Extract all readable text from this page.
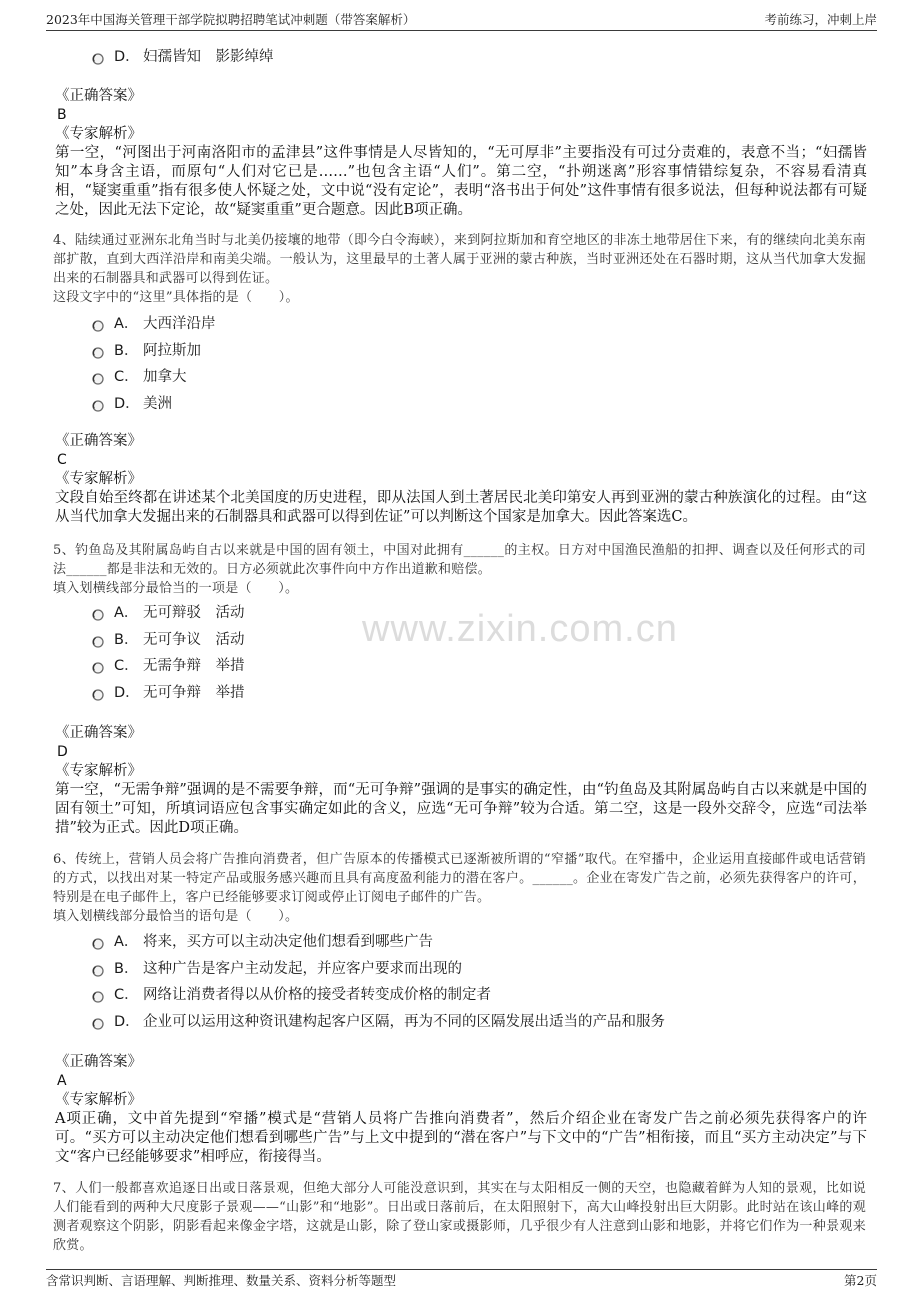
2023年中国海关管理干部学院拟聘招聘笔试冲刺题（带答案解析）	考前练习，冲刺上岸
www.zixin.com.cn
D． 妇孺皆知　影影绰绰
《正确答案》
B
《专家解析》
第一空，“河图出于河南洛阳市的孟津县”这件事情是人尽皆知的，“无可厚非”主要指没有可过分责难的，表意不当；“妇孺皆知”本身含主语，而原句“人们对它已是……”也包含主语“人们”。第二空，“扑朔迷离”形容事情错综复杂，不容易看清真相，“疑窦重重”指有很多使人怀疑之处，文中说“没有定论”，表明“洛书出于何处”这件事情有很多说法，但每种说法都有可疑之处，因此无法下定论，故“疑窦重重”更合题意。因此B项正确。
4、陆续通过亚洲东北角当时与北美仍接壤的地带（即今白令海峡），来到阿拉斯加和育空地区的非冻土地带居住下来，有的继续向北美东南部扩散，直到大西洋沿岸和南美尖端。一般认为，这里最早的土著人属于亚洲的蒙古种族，当时亚洲还处在石器时期，这从当代加拿大发掘出来的石制器具和武器可以得到佐证。
这段文字中的“这里”具体指的是（　　）。
A． 大西洋沿岸
B． 阿拉斯加
C． 加拿大
D． 美洲
《正确答案》
C
《专家解析》
文段自始至终都在讲述某个北美国度的历史进程，即从法国人到土著居民北美印第安人再到亚洲的蒙古种族演化的过程。由“这从当代加拿大发掘出来的石制器具和武器可以得到佐证”可以判断这个国家是加拿大。因此答案选C。
5、钓鱼岛及其附属岛屿自古以来就是中国的固有领土，中国对此拥有______的主权。日方对中国渔民渔船的扣押、调查以及任何形式的司法______都是非法和无效的。日方必须就此次事件向中方作出道歉和赔偿。
填入划横线部分最恰当的一项是（　　）。
A． 无可辩驳　活动
B． 无可争议　活动
C． 无需争辩　举措
D． 无可争辩　举措
《正确答案》
D
《专家解析》
第一空，“无需争辩”强调的是不需要争辩，而“无可争辩”强调的是事实的确定性，由“钓鱼岛及其附属岛屿自古以来就是中国的固有领土”可知，所填词语应包含事实确定如此的含义，应选“无可争辩”较为合适。第二空，这是一段外交辞令，应选“司法举措”较为正式。因此D项正确。
6、传统上，营销人员会将广告推向消费者，但广告原本的传播模式已逐渐被所谓的“窄播”取代。在窄播中，企业运用直接邮件或电话营销的方式，以找出对某一特定产品或服务感兴趣而且具有高度盈利能力的潜在客户。______。企业在寄发广告之前，必须先获得客户的许可，特别是在电子邮件上，客户已经能够要求订阅或停止订阅电子邮件的广告。
填入划横线部分最恰当的语句是（　　）。
A． 将来，买方可以主动决定他们想看到哪些广告
B． 这种广告是客户主动发起，并应客户要求而出现的
C． 网络让消费者得以从价格的接受者转变成价格的制定者
D． 企业可以运用这种资讯建构起客户区隔，再为不同的区隔发展出适当的产品和服务
《正确答案》
A
《专家解析》
A项正确，文中首先提到“窄播”模式是“营销人员将广告推向消费者”，然后介绍企业在寄发广告之前必须先获得客户的许可。“买方可以主动决定他们想看到哪些广告”与上文中提到的“潜在客户”与下文中的“广告”相衔接，而且“买方主动决定”与下文“客户已经能够要求”相呼应，衔接得当。
7、人们一般都喜欢追逐日出或日落景观，但绝大部分人可能没意识到，其实在与太阳相反一侧的天空，也隐藏着鲜为人知的景观，比如说人们能看到的两种大尺度影子景观——“山影”和“地影”。日出或日落前后，在太阳照射下，高大山峰投射出巨大阴影。此时站在该山峰的观测者观察这个阴影，阴影看起来像金字塔，这就是山影，除了登山家或摄影师，几乎很少有人注意到山影和地影，并将它们作为一种景观来欣赏。
含常识判断、言语理解、判断推理、数量关系、资料分析等题型	第2页
